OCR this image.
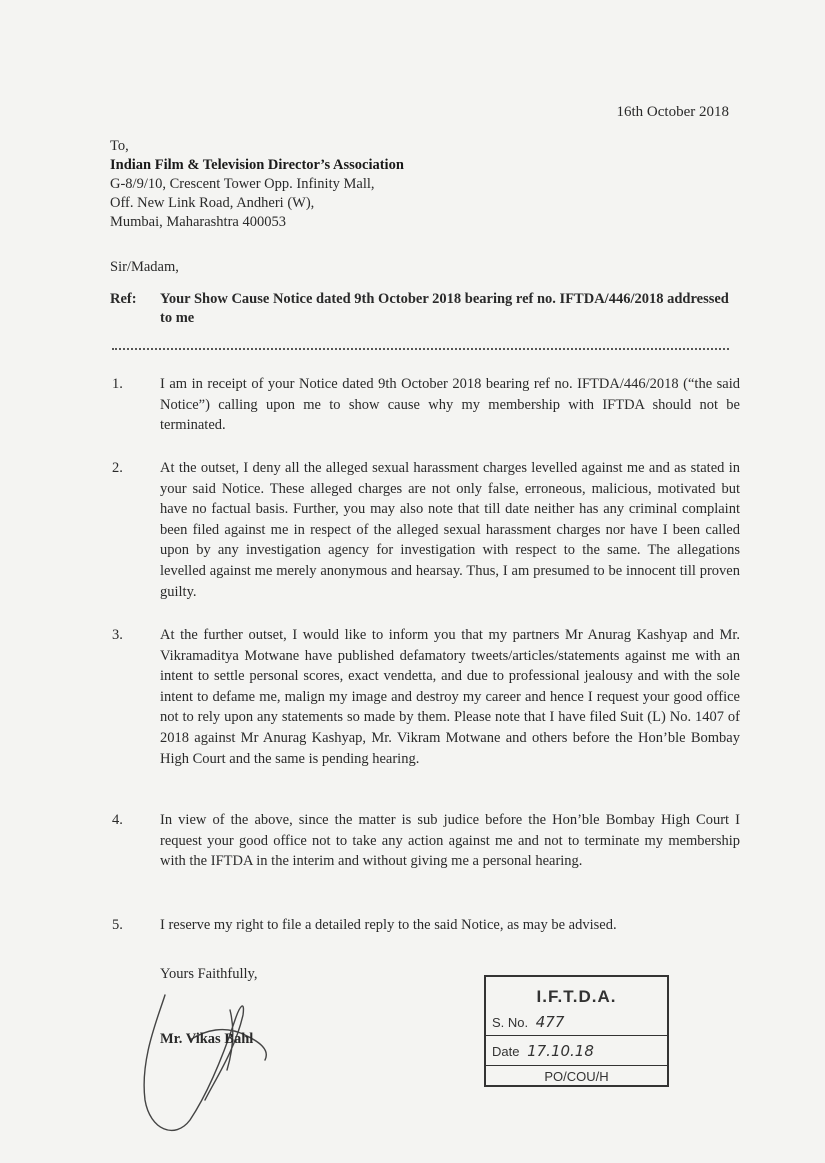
16th October 2018
To,
Indian Film & Television Director’s Association
G-8/9/10, Crescent Tower Opp. Infinity Mall,
Off. New Link Road, Andheri (W),
Mumbai, Maharashtra 400053
Sir/Madam,
Ref: Your Show Cause Notice dated 9th October 2018 bearing ref no. IFTDA/446/2018 addressed to me
1.	I am in receipt of your Notice dated 9th October 2018 bearing ref no. IFTDA/446/2018 (“the said Notice”) calling upon me to show cause why my membership with IFTDA should not be terminated.
2.	At the outset, I deny all the alleged sexual harassment charges levelled against me and as stated in your said Notice. These alleged charges are not only false, erroneous, malicious, motivated but have no factual basis. Further, you may also note that till date neither has any criminal complaint been filed against me in respect of the alleged sexual harassment charges nor have I been called upon by any investigation agency for investigation with respect to the same. The allegations levelled against me merely anonymous and hearsay. Thus, I am presumed to be innocent till proven guilty.
3.	At the further outset, I would like to inform you that my partners Mr Anurag Kashyap and Mr. Vikramaditya Motwane have published defamatory tweets/articles/statements against me with an intent to settle personal scores, exact vendetta, and due to professional jealousy and with the sole intent to defame me, malign my image and destroy my career and hence I request your good office not to rely upon any statements so made by them. Please note that I have filed Suit (L) No. 1407 of 2018 against Mr Anurag Kashyap, Mr. Vikram Motwane and others before the Hon’ble Bombay High Court and the same is pending hearing.
4.	In view of the above, since the matter is sub judice before the Hon’ble Bombay High Court I request your good office not to take any action against me and not to terminate my membership with the IFTDA in the interim and without giving me a personal hearing.
5.	I reserve my right to file a detailed reply to the said Notice, as may be advised.
Yours Faithfully,
Mr. Vikas Bahl
I.F.T.D.A.
S. No. 477
Date 17.10.18
PO/COU/H
